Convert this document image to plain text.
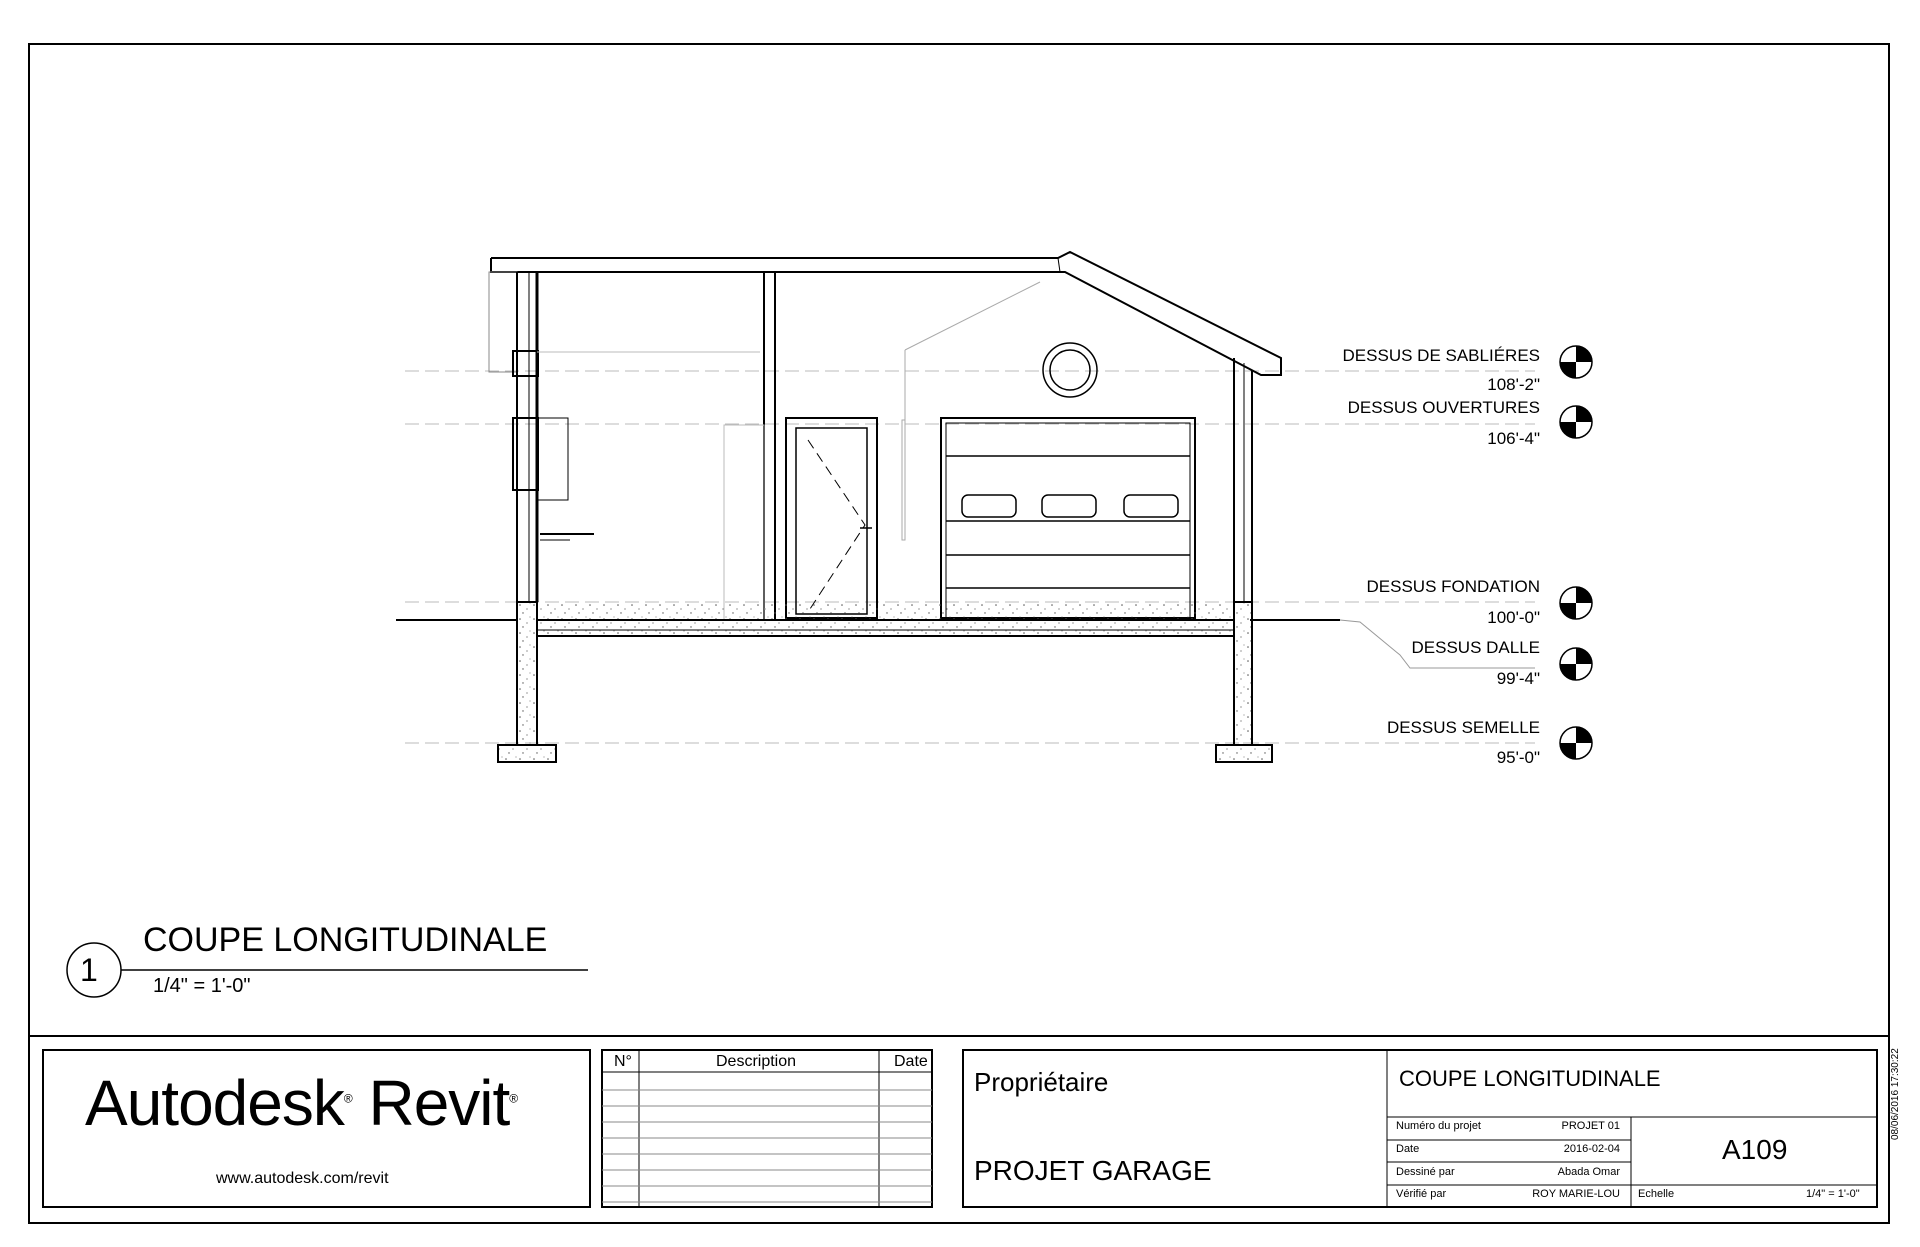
DESSUS DE SABLIÉRES
108'-2"
DESSUS OUVERTURES
106'-4"
DESSUS FONDATION
100'-0"
DESSUS DALLE
99'-4"
DESSUS SEMELLE
95'-0"
1
COUPE LONGITUDINALE
1/4" = 1'-0"
Autodesk® Revit®
www.autodesk.com/revit
N°	Description	Date
Propriétaire
PROJET GARAGE
COUPE LONGITUDINALE
Numéro du projet	PROJET 01
Date	2016-02-04
Dessiné par	Abada Omar
Vérifié par	ROY MARIE-LOU
A109
Echelle	1/4" = 1'-0"
08/06/2016 17:30:22
